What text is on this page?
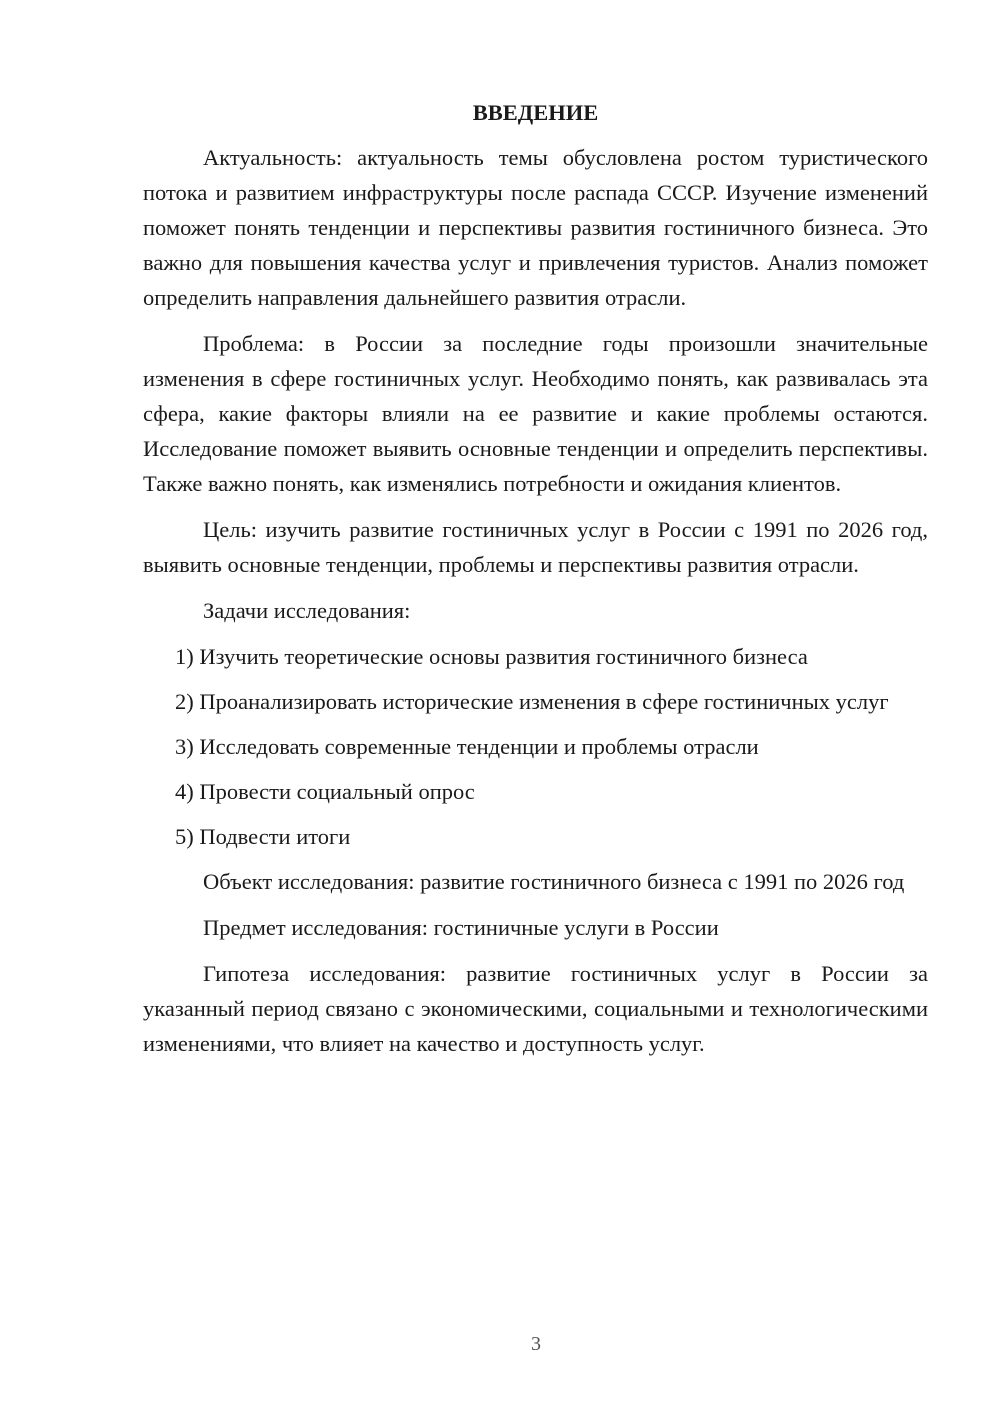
ВВЕДЕНИЕ

Актуальность: актуальность темы обусловлена ростом туристического потока и развитием инфраструктуры после распада СССР. Изучение изменений поможет понять тенденции и перспективы развития гостиничного бизнеса. Это важно для повышения качества услуг и привлечения туристов. Анализ поможет определить направления дальнейшего развития отрасли.

Проблема: в России за последние годы произошли значительные изменения в сфере гостиничных услуг. Необходимо понять, как развивалась эта сфера, какие факторы влияли на ее развитие и какие проблемы остаются. Исследование поможет выявить основные тенденции и определить перспективы. Также важно понять, как изменялись потребности и ожидания клиентов.

Цель: изучить развитие гостиничных услуг в России с 1991 по 2026 год, выявить основные тенденции, проблемы и перспективы развития отрасли.

Задачи исследования:

1) Изучить теоретические основы развития гостиничного бизнеса

2) Проанализировать исторические изменения в сфере гостиничных услуг

3) Исследовать современные тенденции и проблемы отрасли

4) Провести социальный опрос

5) Подвести итоги

Объект исследования: развитие гостиничного бизнеса с 1991 по 2026 год

Предмет исследования: гостиничные услуги в России

Гипотеза исследования: развитие гостиничных услуг в России за указанный период связано с экономическими, социальными и технологическими изменениями, что влияет на качество и доступность услуг.

3
